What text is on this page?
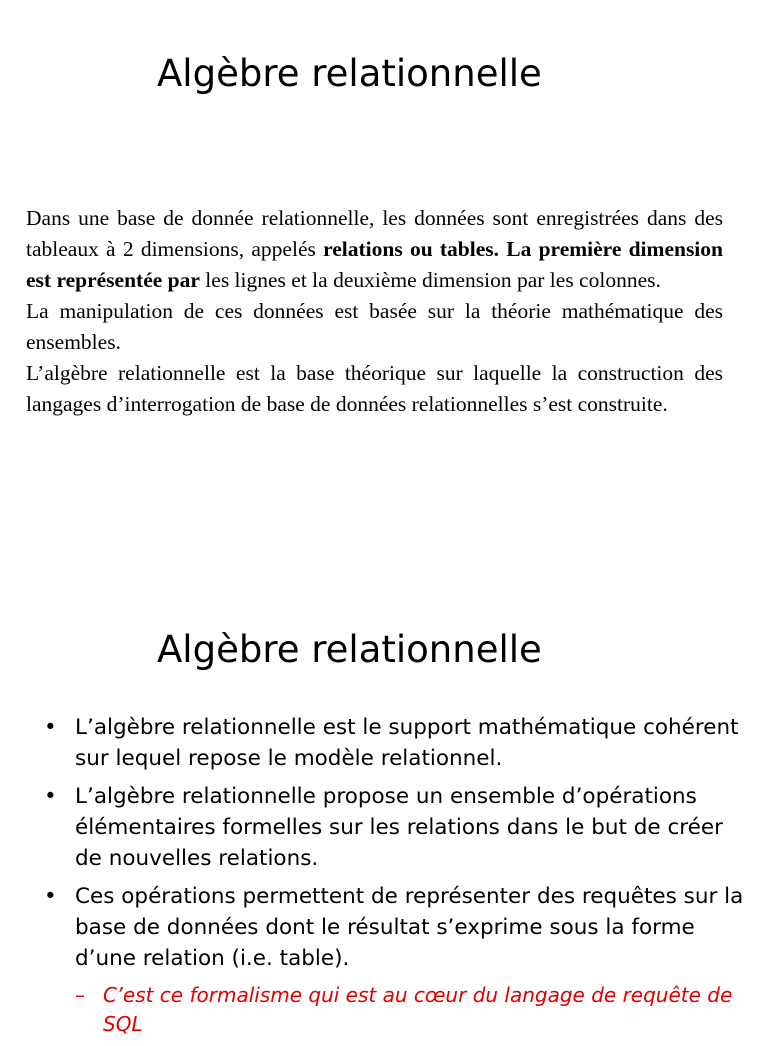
Algèbre relationnelle

Dans une base de donnée relationnelle, les données sont enregistrées dans des tableaux à 2 dimensions, appelés relations ou tables. La première dimension est représentée par les lignes et la deuxième dimension par les colonnes.

La manipulation de ces données est basée sur la théorie mathématique des ensembles.

L’algèbre relationnelle est la base théorique sur laquelle la construction des langages d’interrogation de base de données relationnelles s’est construite.

Algèbre relationnelle
• L’algèbre relationnelle est le support mathématique cohérent sur lequel repose le modèle relationnel.
• L’algèbre relationnelle propose un ensemble d’opérations élémentaires formelles sur les relations dans le but de créer de nouvelles relations.
• Ces opérations permettent de représenter des requêtes sur la base de données dont le résultat s’exprime sous la forme d’une relation (i.e. table).
– C’est ce formalisme qui est au cœur du langage de requête de SQL
